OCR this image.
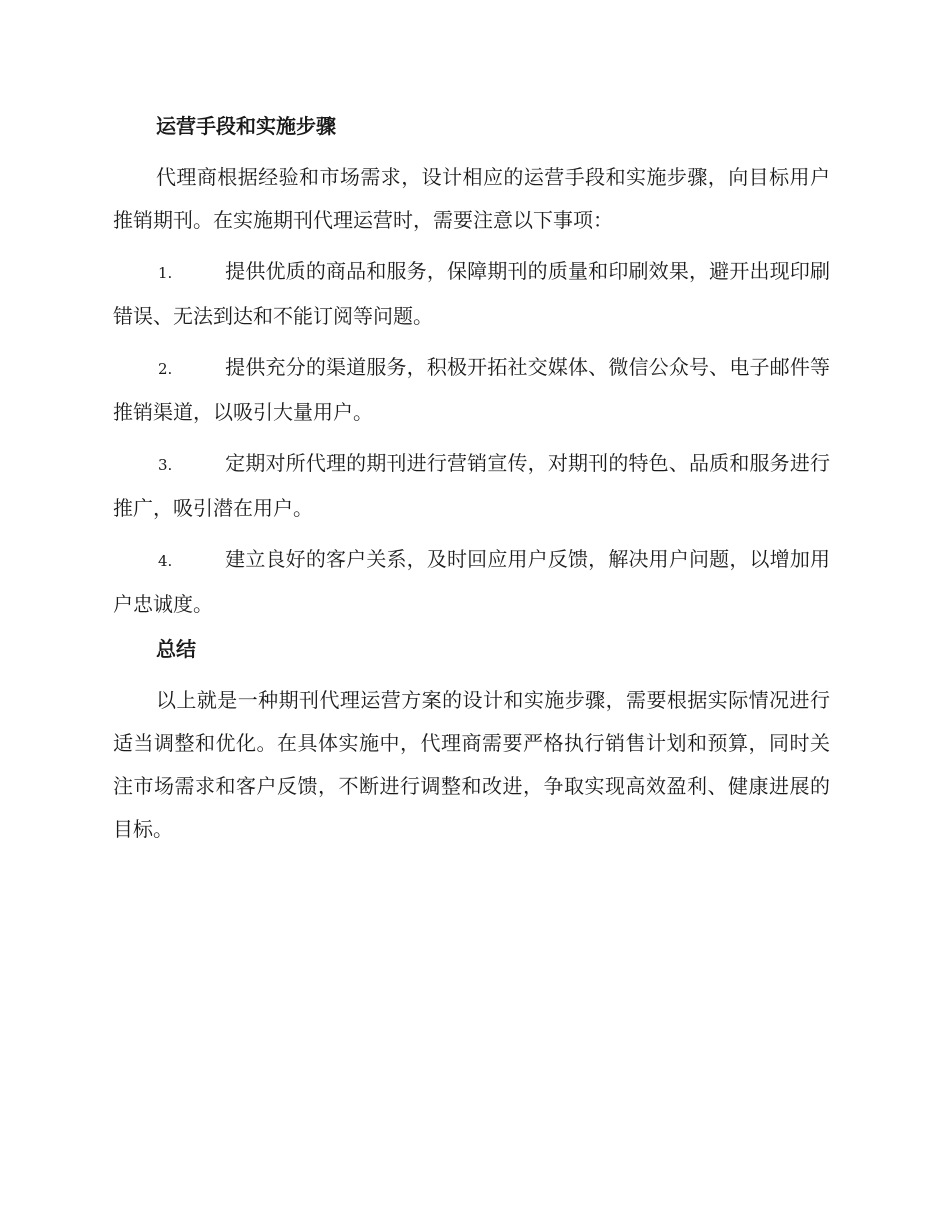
运营手段和实施步骤

代理商根据经验和市场需求，设计相应的运营手段和实施步骤，向目标用户推销期刊。在实施期刊代理运营时，需要注意以下事项：

1.	提供优质的商品和服务，保障期刊的质量和印刷效果，避开出现印刷错误、无法到达和不能订阅等问题。

2.	提供充分的渠道服务，积极开拓社交媒体、微信公众号、电子邮件等推销渠道，以吸引大量用户。

3.	定期对所代理的期刊进行营销宣传，对期刊的特色、品质和服务进行推广，吸引潜在用户。

4.	建立良好的客户关系，及时回应用户反馈，解决用户问题，以增加用户忠诚度。

总结

以上就是一种期刊代理运营方案的设计和实施步骤，需要根据实际情况进行适当调整和优化。在具体实施中，代理商需要严格执行销售计划和预算，同时关注市场需求和客户反馈，不断进行调整和改进，争取实现高效盈利、健康进展的目标。
